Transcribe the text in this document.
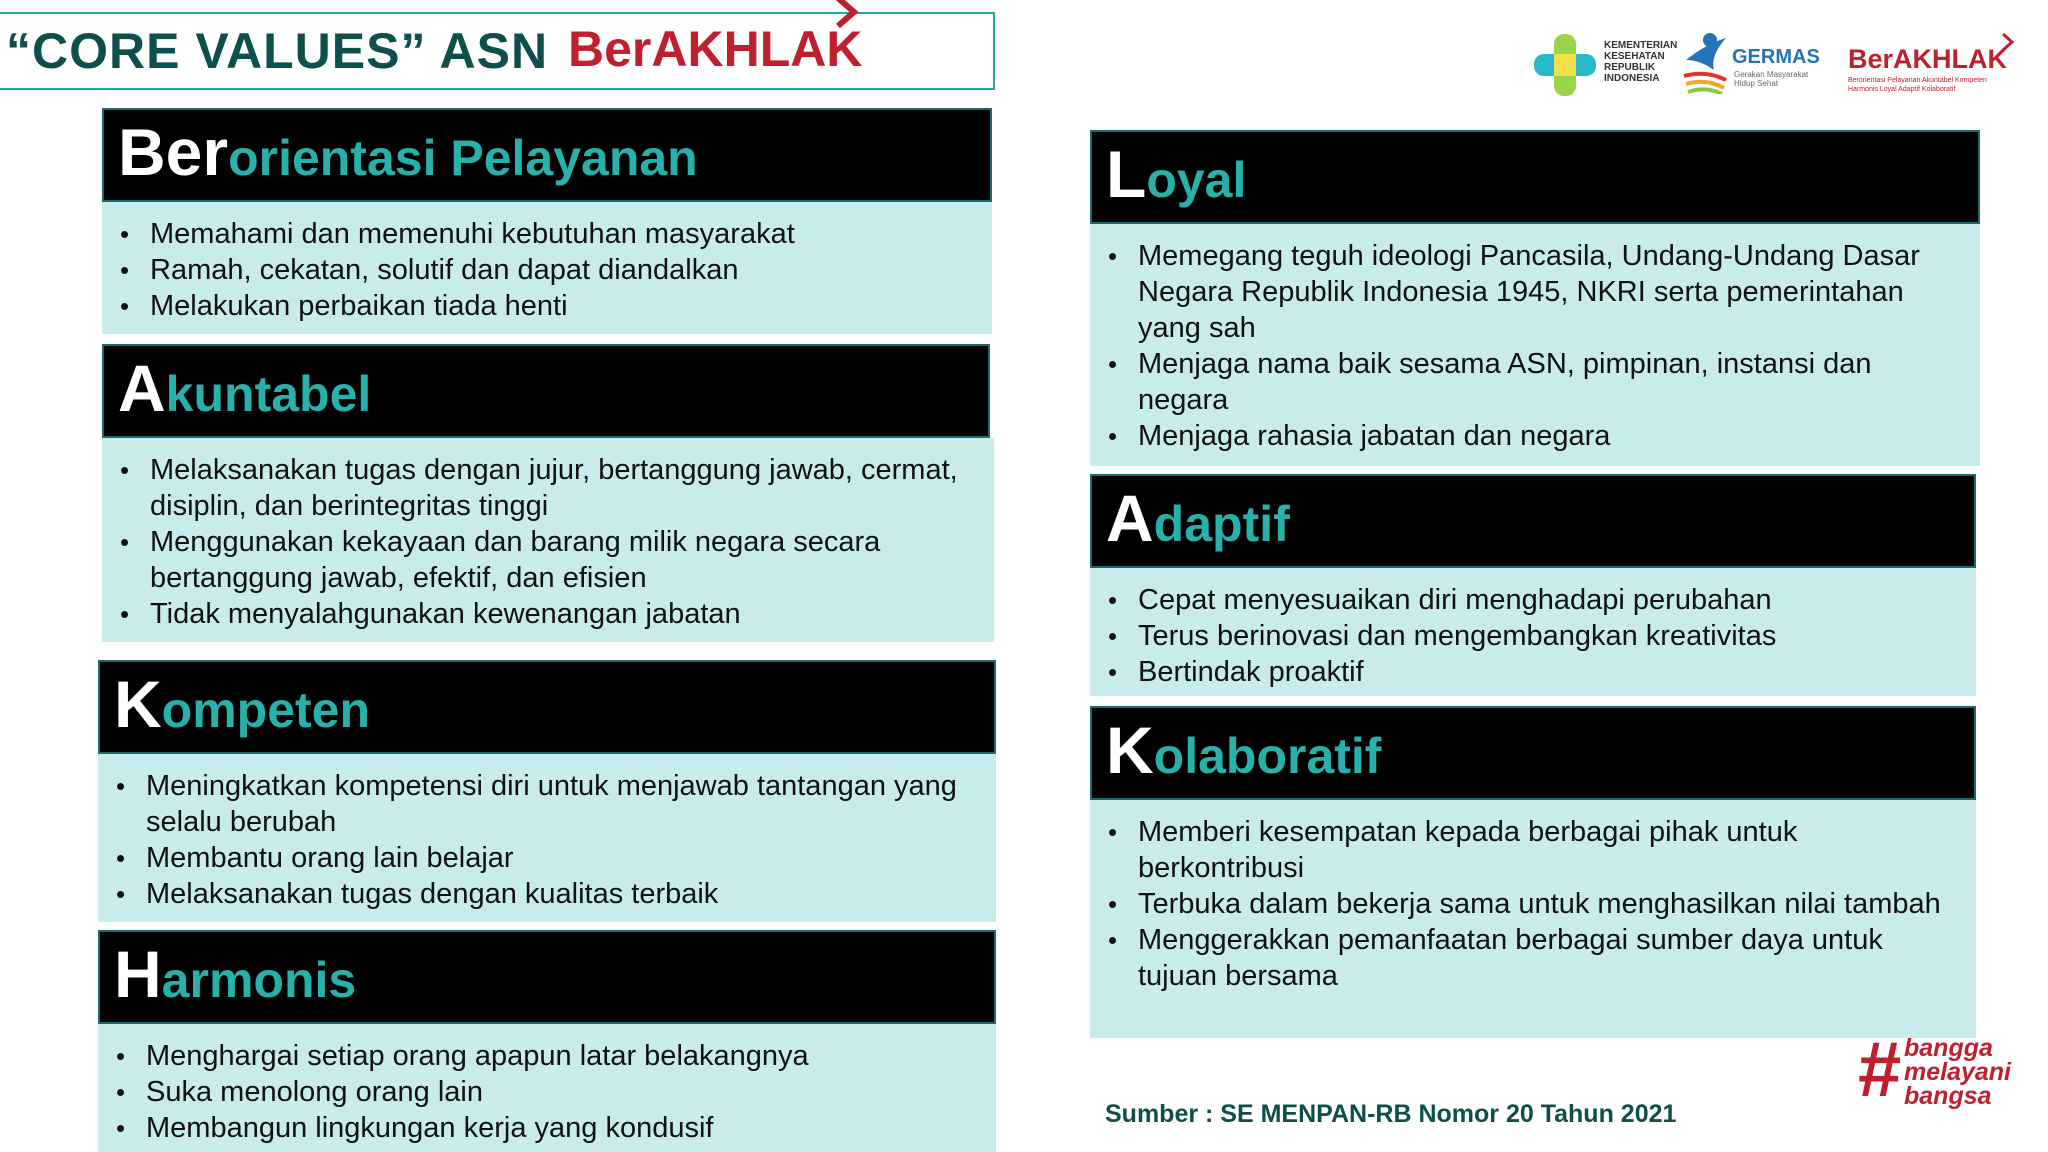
“CORE VALUES” ASN BerAKHLAK	KEMENTERIAN KESEHATAN REPUBLIK INDONESIA
GERMAS
Gerakan Masyarakat Hidup Sehat
BerAKHLAK
Berorientasi Pelayanan Akuntabel Kompeten Harmonis Loyal Adaptif Kolaboratif
Berorientasi Pelayanan
• Memahami dan memenuhi kebutuhan masyarakat
• Ramah, cekatan, solutif dan dapat diandalkan
• Melakukan perbaikan tiada henti
Akuntabel
• Melaksanakan tugas dengan jujur, bertanggung jawab, cermat, disiplin, dan berintegritas tinggi
• Menggunakan kekayaan dan barang milik negara secara bertanggung jawab, efektif, dan efisien
• Tidak menyalahgunakan kewenangan jabatan
Kompeten
• Meningkatkan kompetensi diri untuk menjawab tantangan yang selalu berubah
• Membantu orang lain belajar
• Melaksanakan tugas dengan kualitas terbaik
Harmonis
• Menghargai setiap orang apapun latar belakangnya
• Suka menolong orang lain
• Membangun lingkungan kerja yang kondusif
Loyal
• Memegang teguh ideologi Pancasila, Undang-Undang Dasar Negara Republik Indonesia 1945, NKRI serta pemerintahan yang sah
• Menjaga nama baik sesama ASN, pimpinan, instansi dan negara
• Menjaga rahasia jabatan dan negara
Adaptif
• Cepat menyesuaikan diri menghadapi perubahan
• Terus berinovasi dan mengembangkan kreativitas
• Bertindak proaktif
Kolaboratif
• Memberi kesempatan kepada berbagai pihak untuk berkontribusi
• Terbuka dalam bekerja sama untuk menghasilkan nilai tambah
• Menggerakkan pemanfaatan berbagai sumber daya untuk tujuan bersama
Sumber : SE MENPAN-RB Nomor 20 Tahun 2021
# bangga
melayani
bangsa
